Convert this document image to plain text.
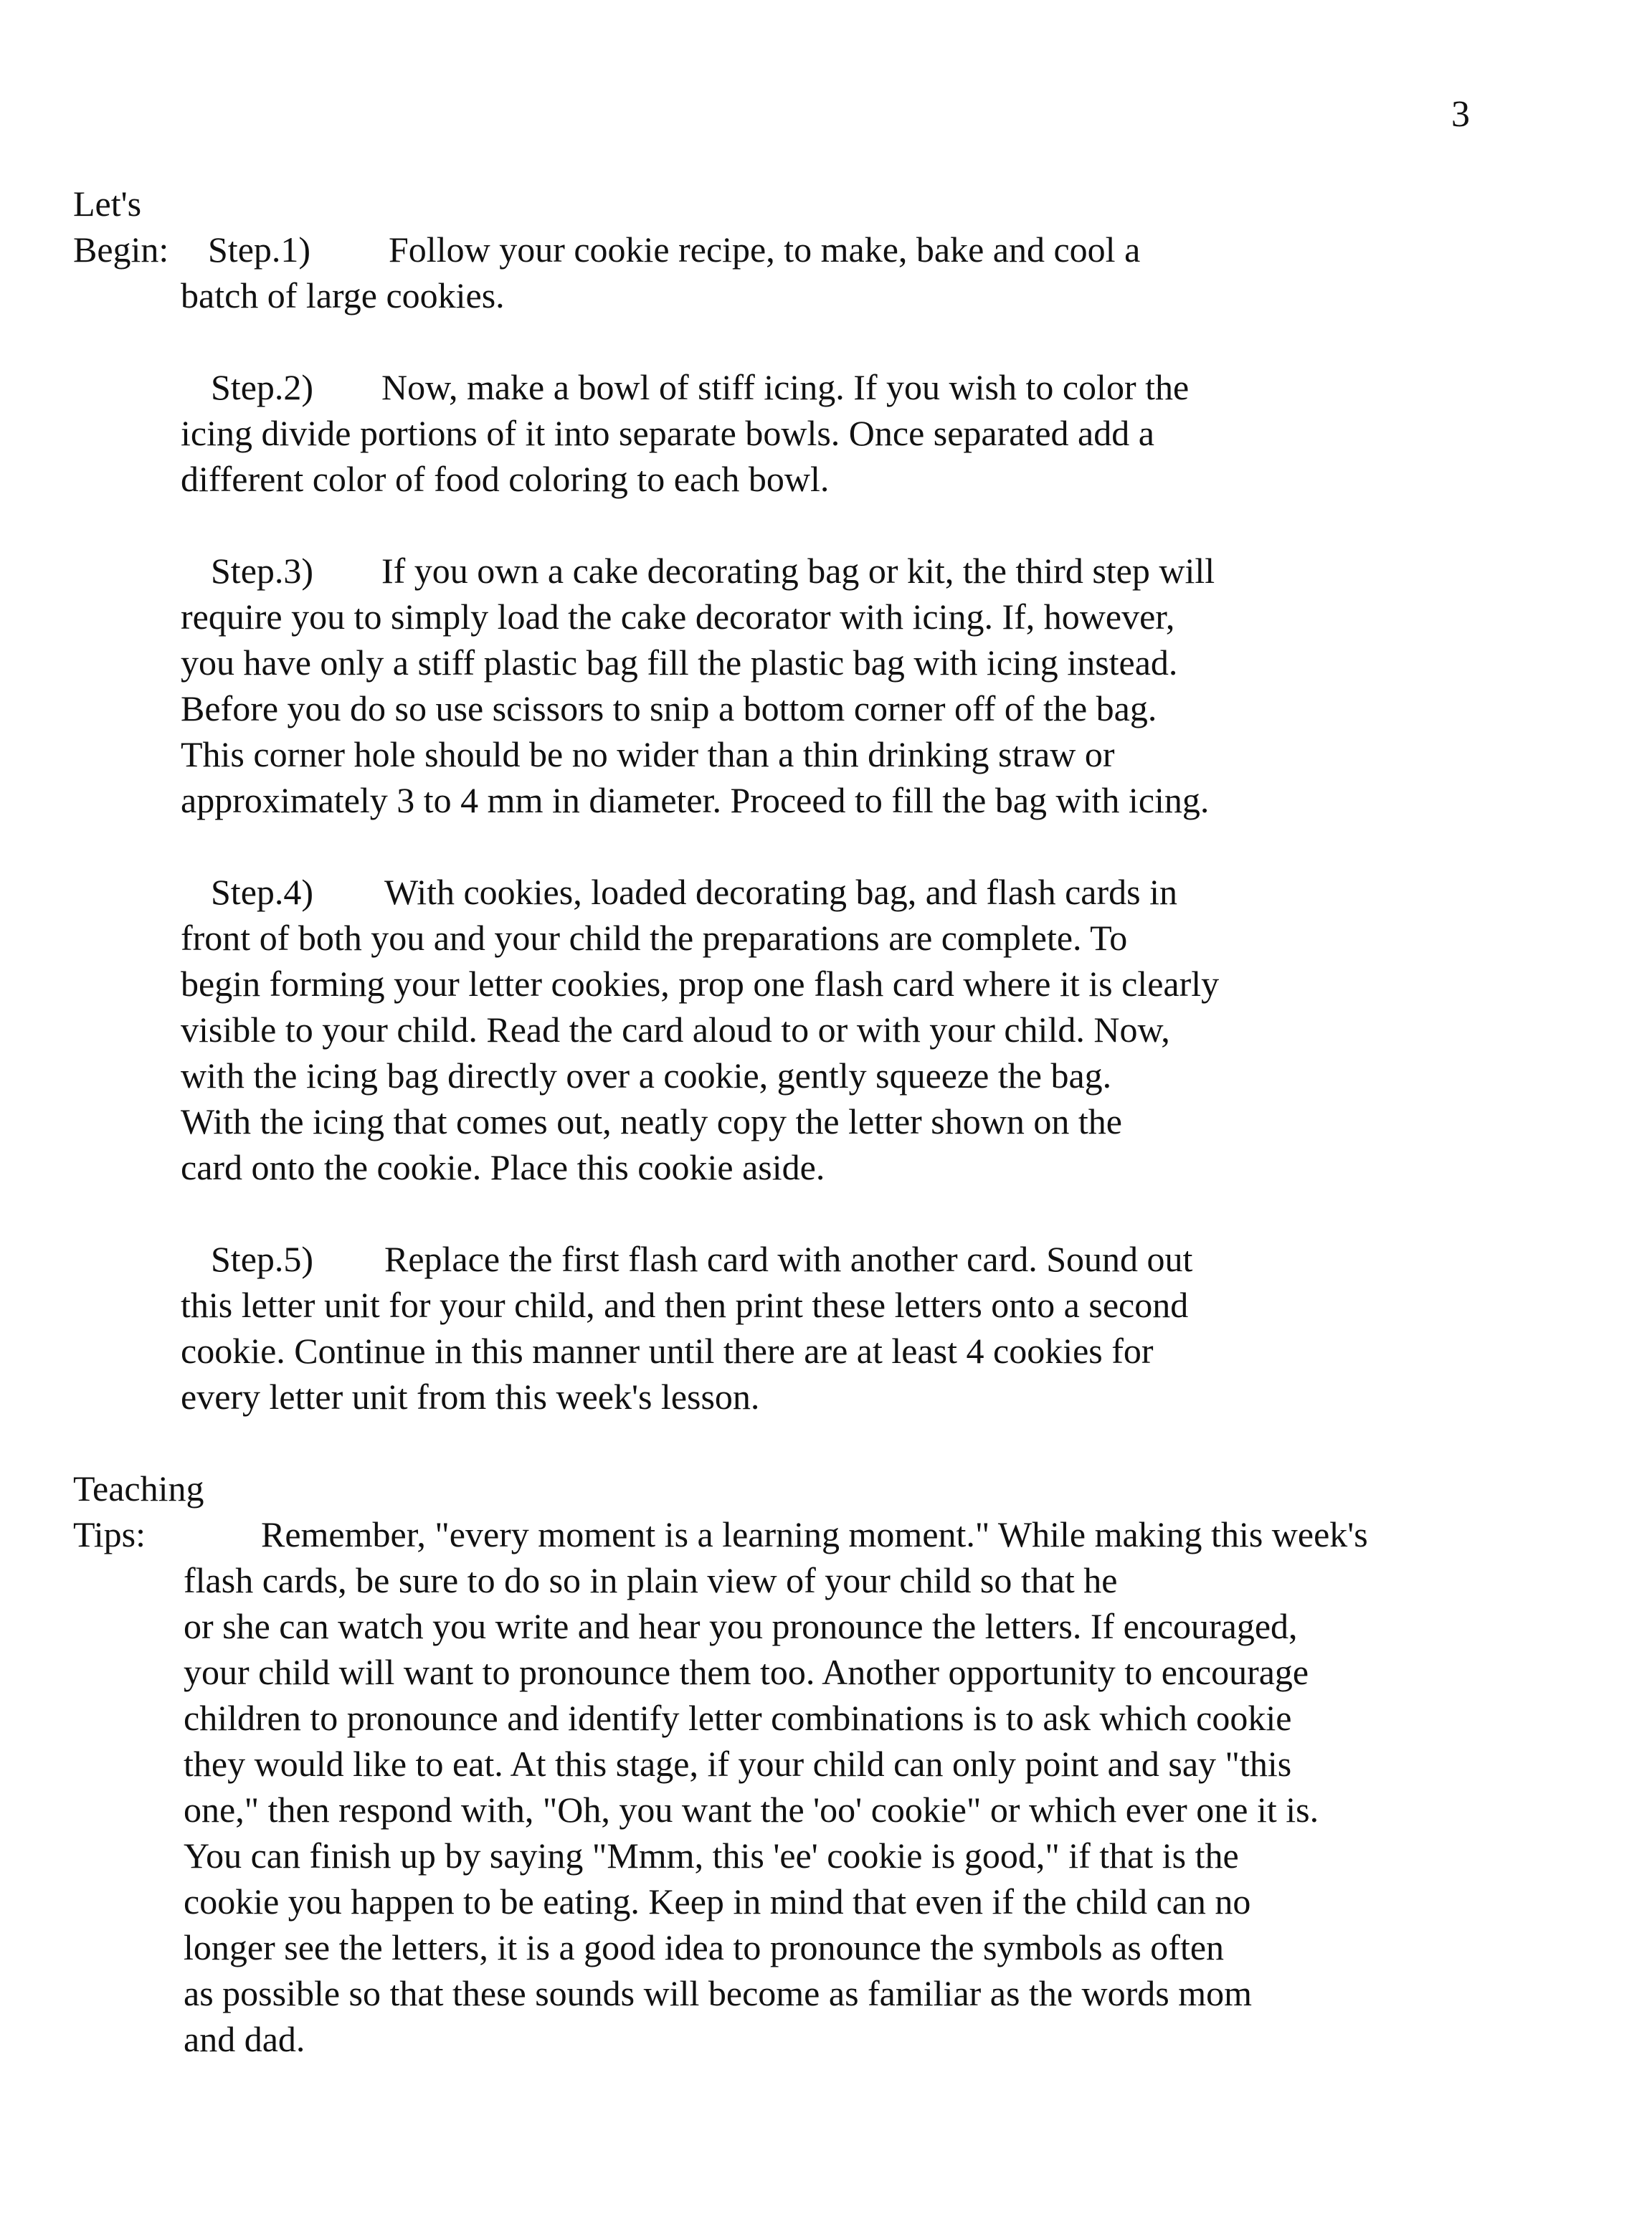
3
Let's
Begin: Step.1) Follow your cookie recipe, to make, bake and cool a
batch of large cookies.
Step.2) Now, make a bowl of stiff icing. If you wish to color the
icing divide portions of it into separate bowls. Once separated add a
different color of food coloring to each bowl.
Step.3) If you own a cake decorating bag or kit, the third step will
require you to simply load the cake decorator with icing. If, however,
you have only a stiff plastic bag fill the plastic bag with icing instead.
Before you do so use scissors to snip a bottom corner off of the bag.
This corner hole should be no wider than a thin drinking straw or
approximately 3 to 4 mm in diameter. Proceed to fill the bag with icing.
Step.4) With cookies, loaded decorating bag, and flash cards in
front of both you and your child the preparations are complete. To
begin forming your letter cookies, prop one flash card where it is clearly
visible to your child. Read the card aloud to or with your child. Now,
with the icing bag directly over a cookie, gently squeeze the bag.
With the icing that comes out, neatly copy the letter shown on the
card onto the cookie. Place this cookie aside.
Step.5) Replace the first flash card with another card. Sound out
this letter unit for your child, and then print these letters onto a second
cookie. Continue in this manner until there are at least 4 cookies for
every letter unit from this week's lesson.
Teaching
Tips:	Remember, "every moment is a learning moment." While making this week's
flash cards, be sure to do so in plain view of your child so that he
or she can watch you write and hear you pronounce the letters. If encouraged,
your child will want to pronounce them too. Another opportunity to encourage
children to pronounce and identify letter combinations is to ask which cookie
they would like to eat. At this stage, if your child can only point and say "this
one," then respond with, "Oh, you want the 'oo' cookie" or which ever one it is.
You can finish up by saying "Mmm, this 'ee' cookie is good," if that is the
cookie you happen to be eating. Keep in mind that even if the child can no
longer see the letters, it is a good idea to pronounce the symbols as often
as possible so that these sounds will become as familiar as the words mom
and dad.
